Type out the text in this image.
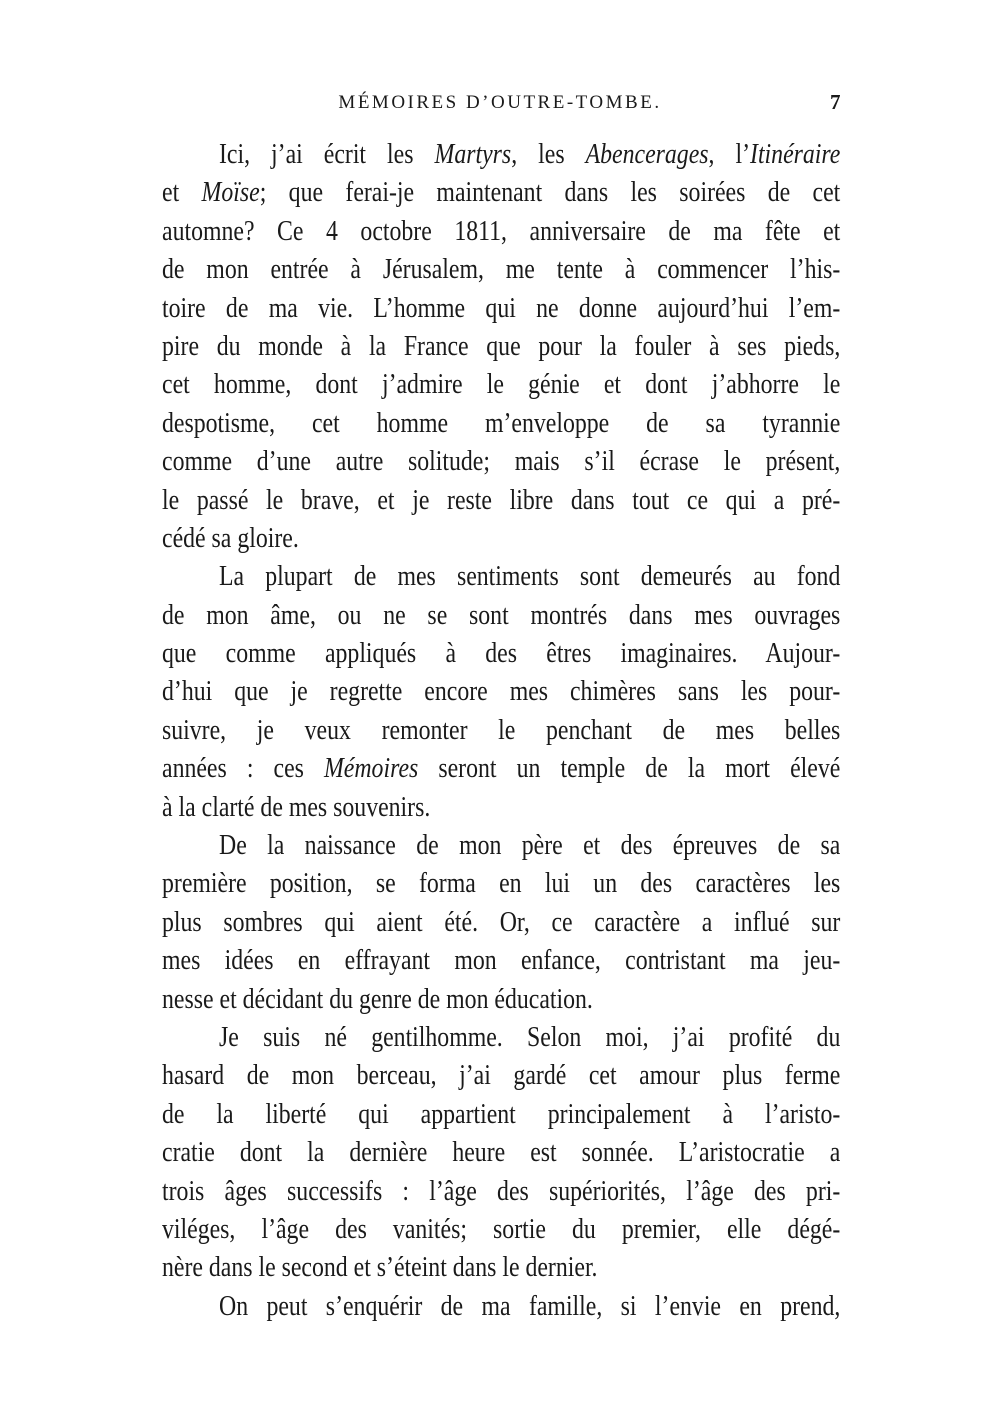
MÉMOIRES D’OUTRE-TOMBE.	7
Ici, j’ai écrit les Martyrs, les Abencerages, l’Itinéraire
et Moïse; que ferai-je maintenant dans les soirées de cet
automne? Ce 4 octobre 1811, anniversaire de ma fête et
de mon entrée à Jérusalem, me tente à commencer l’his-
toire de ma vie. L’homme qui ne donne aujourd’hui l’em-
pire du monde à la France que pour la fouler à ses pieds,
cet homme, dont j’admire le génie et dont j’abhorre le
despotisme, cet homme m’enveloppe de sa tyrannie
comme d’une autre solitude; mais s’il écrase le présent,
le passé le brave, et je reste libre dans tout ce qui a pré-
cédé sa gloire.
La plupart de mes sentiments sont demeurés au fond
de mon âme, ou ne se sont montrés dans mes ouvrages
que comme appliqués à des êtres imaginaires. Aujour-
d’hui que je regrette encore mes chimères sans les pour-
suivre, je veux remonter le penchant de mes belles
années : ces Mémoires seront un temple de la mort élevé
à la clarté de mes souvenirs.
De la naissance de mon père et des épreuves de sa
première position, se forma en lui un des caractères les
plus sombres qui aient été. Or, ce caractère a influé sur
mes idées en effrayant mon enfance, contristant ma jeu-
nesse et décidant du genre de mon éducation.
Je suis né gentilhomme. Selon moi, j’ai profité du
hasard de mon berceau, j’ai gardé cet amour plus ferme
de la liberté qui appartient principalement à l’aristo-
cratie dont la dernière heure est sonnée. L’aristocratie a
trois âges successifs : l’âge des supériorités, l’âge des pri-
viléges, l’âge des vanités; sortie du premier, elle dégé-
nère dans le second et s’éteint dans le dernier.
On peut s’enquérir de ma famille, si l’envie en prend,
